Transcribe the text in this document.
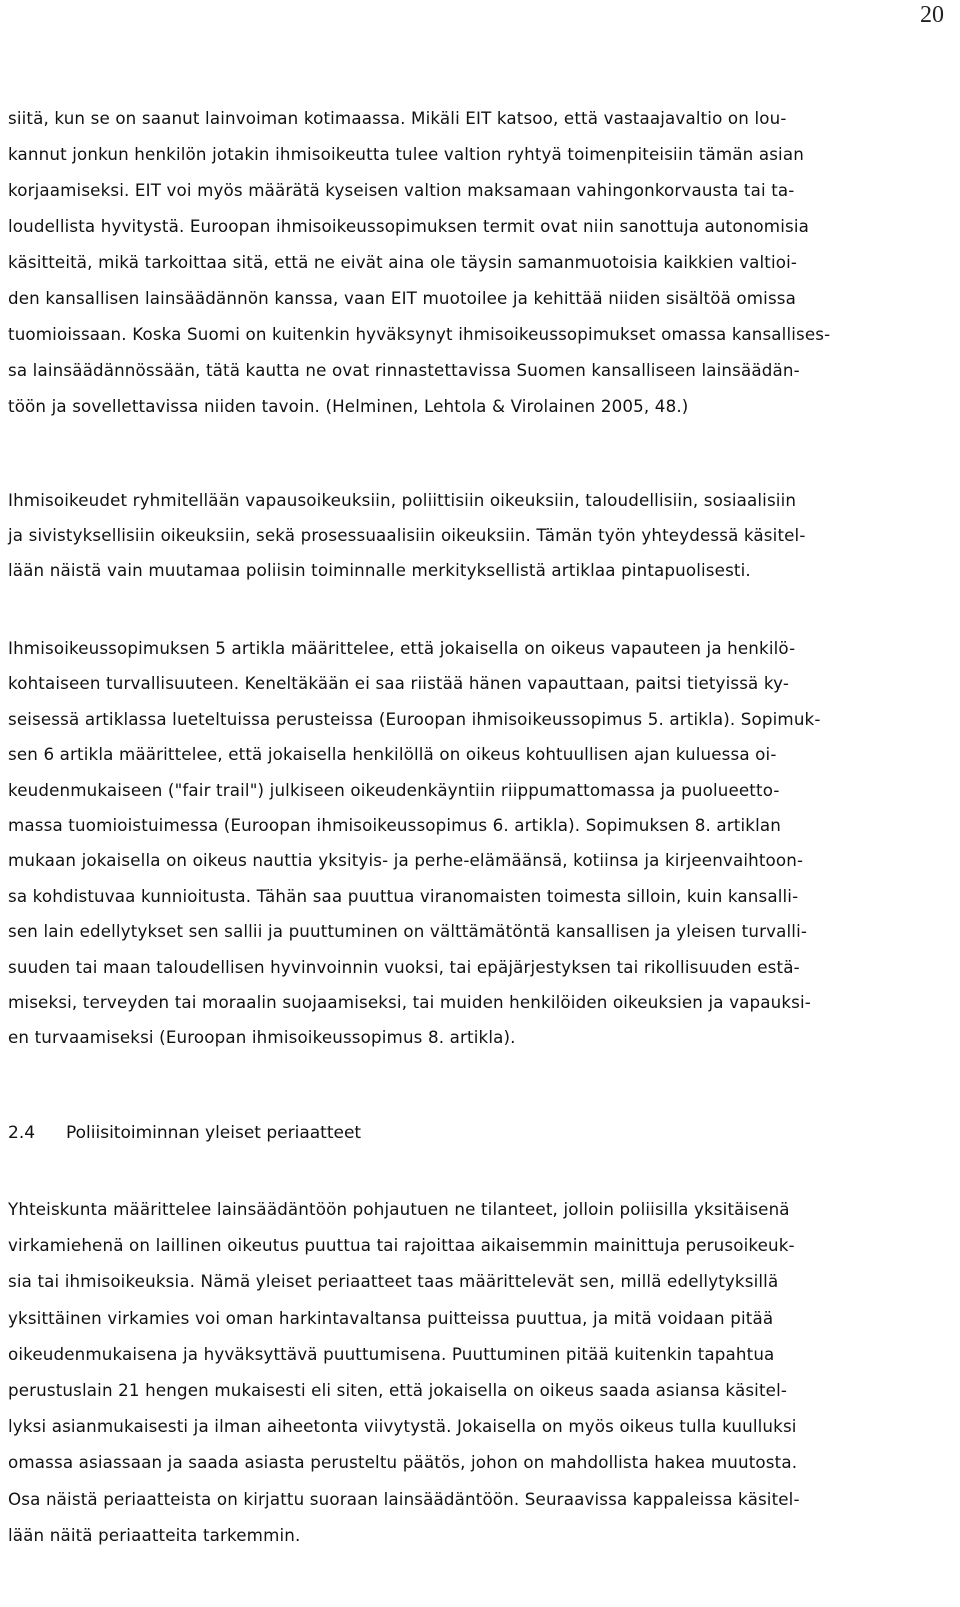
20

siitä, kun se on saanut lainvoiman kotimaassa. Mikäli EIT katsoo, että vastaajavaltio on lou-

kannut jonkun henkilön jotakin ihmisoikeutta tulee valtion ryhtyä toimenpiteisiin tämän asian

korjaamiseksi. EIT voi myös määrätä kyseisen valtion maksamaan vahingonkorvausta tai ta-

loudellista hyvitystä. Euroopan ihmisoikeussopimuksen termit ovat niin sanottuja autonomisia

käsitteitä, mikä tarkoittaa sitä, että ne eivät aina ole täysin samanmuotoisia kaikkien valtioi-

den kansallisen lainsäädännön kanssa, vaan EIT muotoilee ja kehittää niiden sisältöä omissa

tuomioissaan. Koska Suomi on kuitenkin hyväksynyt ihmisoikeussopimukset omassa kansallises-

sa lainsäädännössään, tätä kautta ne ovat rinnastettavissa Suomen kansalliseen lainsäädän-

töön ja sovellettavissa niiden tavoin. (Helminen, Lehtola & Virolainen 2005, 48.)

Ihmisoikeudet ryhmitellään vapausoikeuksiin, poliittisiin oikeuksiin, taloudellisiin, sosiaalisiin

ja sivistyksellisiin oikeuksiin, sekä prosessuaalisiin oikeuksiin. Tämän työn yhteydessä käsitel-

lään näistä vain muutamaa poliisin toiminnalle merkityksellistä artiklaa pintapuolisesti.

Ihmisoikeussopimuksen 5 artikla määrittelee, että jokaisella on oikeus vapauteen ja henkilö-

kohtaiseen turvallisuuteen. Keneltäkään ei saa riistää hänen vapauttaan, paitsi tietyissä ky-

seisessä artiklassa lueteltuissa perusteissa (Euroopan ihmisoikeussopimus 5. artikla). Sopimuk-

sen 6 artikla määrittelee, että jokaisella henkilöllä on oikeus kohtuullisen ajan kuluessa oi-

keudenmukaiseen ("fair trail") julkiseen oikeudenkäyntiin riippumattomassa ja puolueetto-

massa tuomioistuimessa (Euroopan ihmisoikeussopimus 6. artikla). Sopimuksen 8. artiklan

mukaan jokaisella on oikeus nauttia yksityis- ja perhe-elämäänsä, kotiinsa ja kirjeenvaihtoon-

sa kohdistuvaa kunnioitusta. Tähän saa puuttua viranomaisten toimesta silloin, kuin kansalli-

sen lain edellytykset sen sallii ja puuttuminen on välttämätöntä kansallisen ja yleisen turvalli-

suuden tai maan taloudellisen hyvinvoinnin vuoksi, tai epäjärjestyksen tai rikollisuuden estä-

miseksi, terveyden tai moraalin suojaamiseksi, tai muiden henkilöiden oikeuksien ja vapauksi-

en turvaamiseksi (Euroopan ihmisoikeussopimus 8. artikla).

2.4 Poliisitoiminnan yleiset periaatteet

Yhteiskunta määrittelee lainsäädäntöön pohjautuen ne tilanteet, jolloin poliisilla yksitäisenä

virkamiehenä on laillinen oikeutus puuttua tai rajoittaa aikaisemmin mainittuja perusoikeuk-

sia tai ihmisoikeuksia. Nämä yleiset periaatteet taas määrittelevät sen, millä edellytyksillä

yksittäinen virkamies voi oman harkintavaltansa puitteissa puuttua, ja mitä voidaan pitää

oikeudenmukaisena ja hyväksyttävä puuttumisena. Puuttuminen pitää kuitenkin tapahtua

perustuslain 21 hengen mukaisesti eli siten, että jokaisella on oikeus saada asiansa käsitel-

lyksi asianmukaisesti ja ilman aiheetonta viivytystä. Jokaisella on myös oikeus tulla kuulluksi

omassa asiassaan ja saada asiasta perusteltu päätös, johon on mahdollista hakea muutosta.

Osa näistä periaatteista on kirjattu suoraan lainsäädäntöön. Seuraavissa kappaleissa käsitel-

lään näitä periaatteita tarkemmin.
